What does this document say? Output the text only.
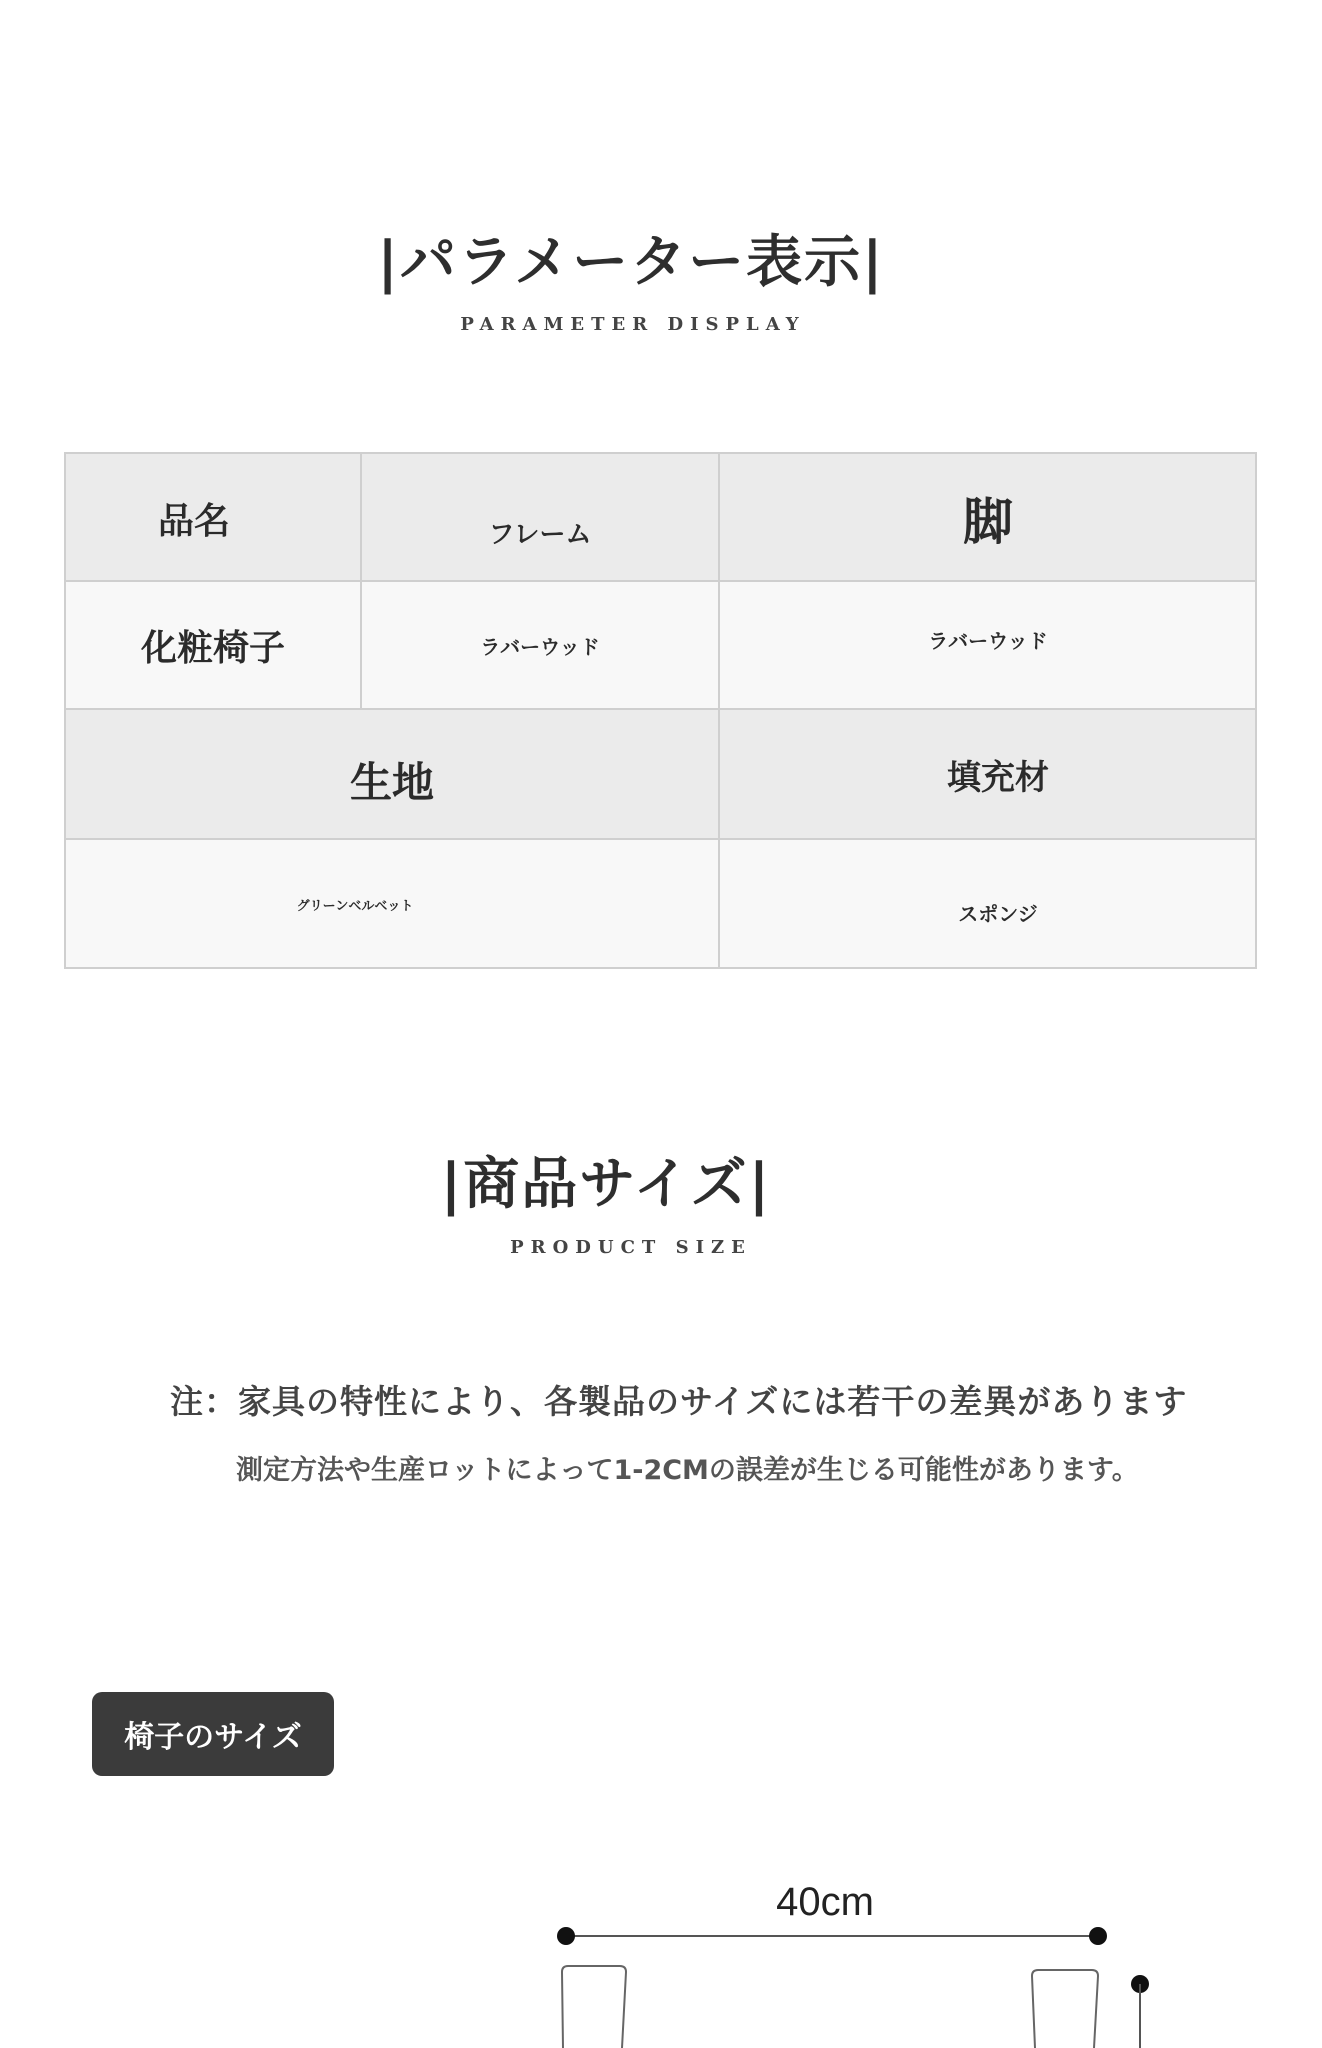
|パラメーター表示|
PARAMETER DISPLAY
品名	フレーム	脚
化粧椅子	ラバーウッド	ラバーウッド
生地	填充材
グリーンベルベット	スポンジ
|商品サイズ|
PRODUCT SIZE
注：家具の特性により、各製品のサイズには若干の差異があります
測定方法や生産ロットによって1-2CMの誤差が生じる可能性があります。
椅子のサイズ
40cm
